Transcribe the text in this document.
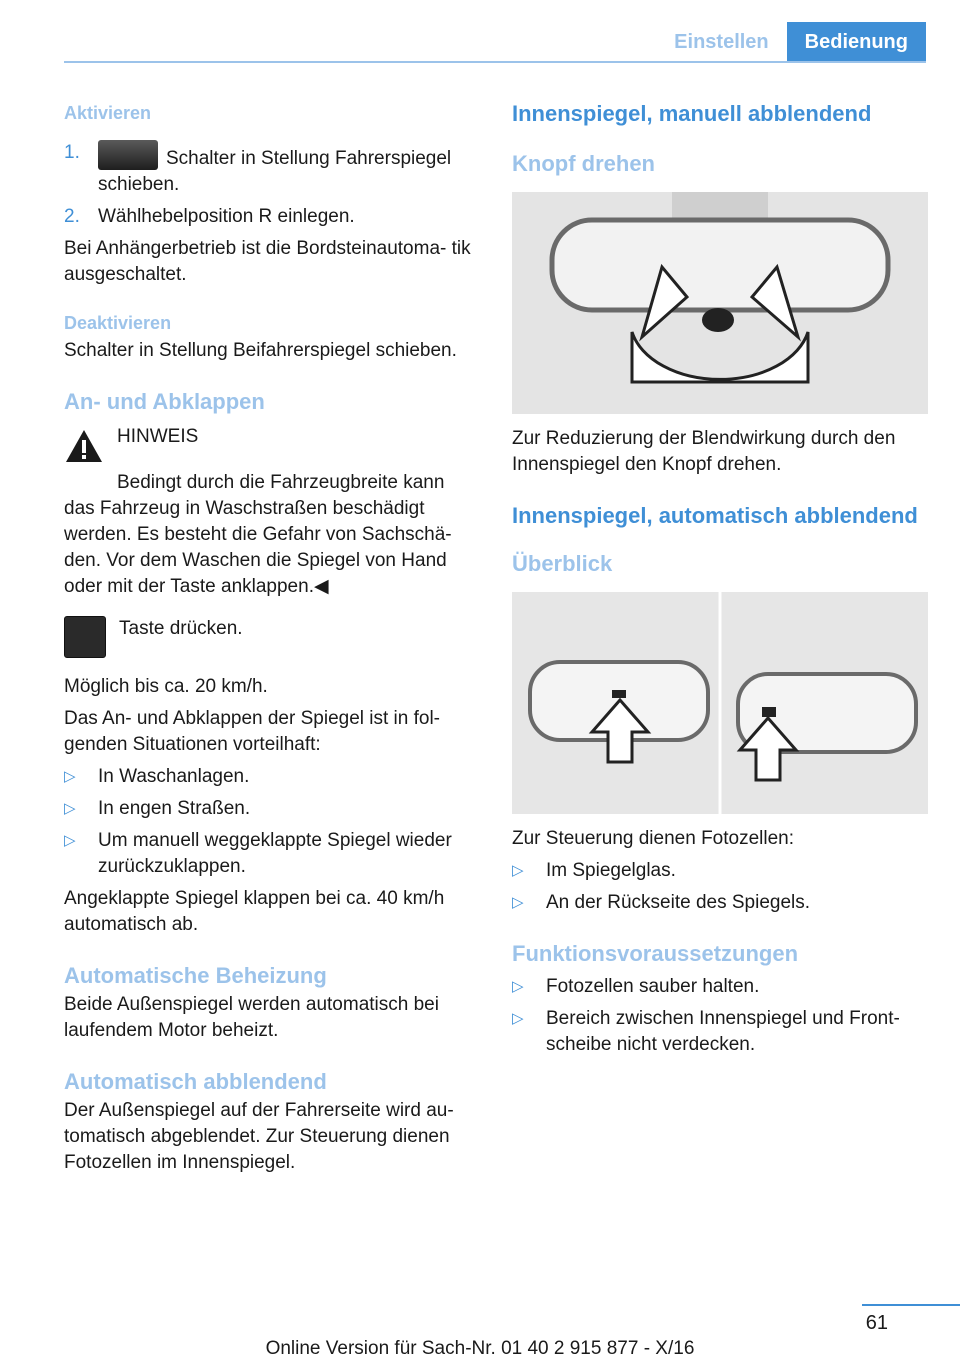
Einstellen	Bedienung

Aktivieren

1.	Schalter in Stellung Fahrerspiegel schieben.
2. Wählhebelposition R einlegen.

Bei Anhängerbetrieb ist die Bordsteinautoma‐ tik ausgeschaltet.

Deaktivieren

Schalter in Stellung Beifahrerspiegel schieben.

An- und Abklappen

HINWEIS

Bedingt durch die Fahrzeugbreite kann das Fahrzeug in Waschstraßen beschädigt werden. Es besteht die Gefahr von Sachschä‐ den. Vor dem Waschen die Spiegel von Hand oder mit der Taste anklappen.◀

Taste drücken.

Möglich bis ca. 20 km/h.

Das An- und Abklappen der Spiegel ist in fol‐ genden Situationen vorteilhaft:

▷	In Waschanlagen.
▷	In engen Straßen.
▷	Um manuell weggeklappte Spiegel wieder zurückzuklappen.

Angeklappte Spiegel klappen bei ca. 40 km/h automatisch ab.

Automatische Beheizung

Beide Außenspiegel werden automatisch bei laufendem Motor beheizt.

Automatisch abblendend

Der Außenspiegel auf der Fahrerseite wird au‐ tomatisch abgeblendet. Zur Steuerung dienen Fotozellen im Innenspiegel.

Innenspiegel, manuell abblendend

Knopf drehen

Zur Reduzierung der Blendwirkung durch den Innenspiegel den Knopf drehen.

Innenspiegel, automatisch abblendend

Überblick

Zur Steuerung dienen Fotozellen:

▷	Im Spiegelglas.
▷	An der Rückseite des Spiegels.

Funktionsvoraussetzungen

▷	Fotozellen sauber halten.
▷	Bereich zwischen Innenspiegel und Front‐ scheibe nicht verdecken.
61
Online Version für Sach-Nr. 01 40 2 915 877 - X/16
